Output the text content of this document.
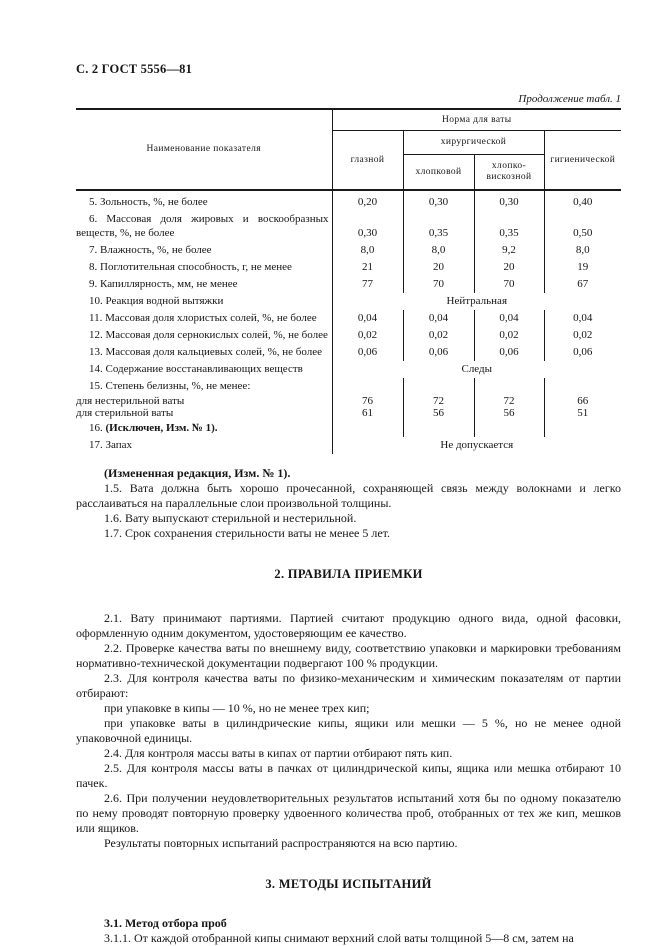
С. 2 ГОСТ 5556—81
Продолжение табл. 1
Наименование показателя	Норма для ваты			
	глазной	хирургической		гигиенической
		хлопковой	хлопко-вискозной	
5. Зольность, %, не более	0,20	0,30	0,30	0,40
6. Массовая доля жировых и воскообразных веществ, %, не более	0,30	0,35	0,35	0,50
7. Влажность, %, не более	8,0	8,0	9,2	8,0
8. Поглотительная способность, г, не менее	21	20	20	19
9. Капиллярность, мм, не менее	77	70	70	67
10. Реакция водной вытяжки	Нейтральная			
11. Массовая доля хлористых солей, %, не более	0,04	0,04	0,04	0,04
12. Массовая доля сернокислых солей, %, не более	0,02	0,02	0,02	0,02
13. Массовая доля кальциевых солей, %, не более	0,06	0,06	0,06	0,06
14. Содержание восстанавливающих веществ	Следы			
15. Степень белизны, %, не менее:				
для нестерильной ваты	76	72	72	66
для стерильной ваты	61	56	56	51
16. (Исключен, Изм. № 1).				
17. Запах	Не допускается			

(Измененная редакция, Изм. № 1).

1.5. Вата должна быть хорошо прочесанной, сохраняющей связь между волокнами и легко расслаиваться на параллельные слои произвольной толщины.

1.6. Вату выпускают стерильной и нестерильной.

1.7. Срок сохранения стерильности ваты не менее 5 лет.

2. ПРАВИЛА ПРИЕМКИ

2.1. Вату принимают партиями. Партией считают продукцию одного вида, одной фасовки, оформленную одним документом, удостоверяющим ее качество.

2.2. Проверке качества ваты по внешнему виду, соответствию упаковки и маркировки требованиям нормативно-технической документации подвергают 100 % продукции.

2.3. Для контроля качества ваты по физико-механическим и химическим показателям от партии отбирают:

при упаковке в кипы — 10 %, но не менее трех кип;

при упаковке ваты в цилиндрические кипы, ящики или мешки — 5 %, но не менее одной упаковочной единицы.

2.4. Для контроля массы ваты в кипах от партии отбирают пять кип.

2.5. Для контроля массы ваты в пачках от цилиндрической кипы, ящика или мешка отбирают 10 пачек.

2.6. При получении неудовлетворительных результатов испытаний хотя бы по одному показателю по нему проводят повторную проверку удвоенного количества проб, отобранных от тех же кип, мешков или ящиков.

Результаты повторных испытаний распространяются на всю партию.

3. МЕТОДЫ ИСПЫТАНИЙ

3.1. Метод отбора проб

3.1.1. От каждой отобранной кипы снимают верхний слой ваты толщиной 5—8 см, затем на
